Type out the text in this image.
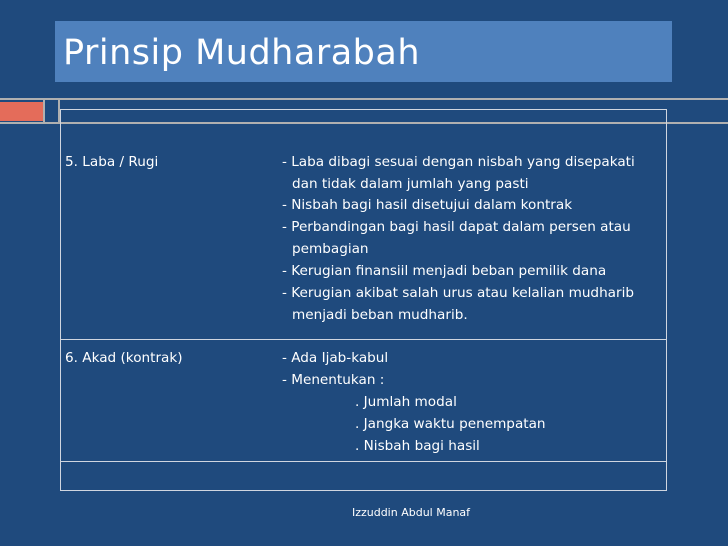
Prinsip Mudharabah
5. Laba / Rugi	- Laba dibagi sesuai dengan nisbah yang disepakati
dan tidak dalam jumlah yang pasti
- Nisbah bagi hasil disetujui dalam kontrak
- Perbandingan bagi hasil dapat dalam persen atau
pembagian
- Kerugian finansiil menjadi beban pemilik dana
- Kerugian akibat salah urus atau kelalian mudharib
menjadi beban mudharib.
6. Akad (kontrak)	- Ada Ijab-kabul
- Menentukan :
. Jumlah modal
. Jangka waktu penempatan
. Nisbah bagi hasil
Izzuddin Abdul Manaf
